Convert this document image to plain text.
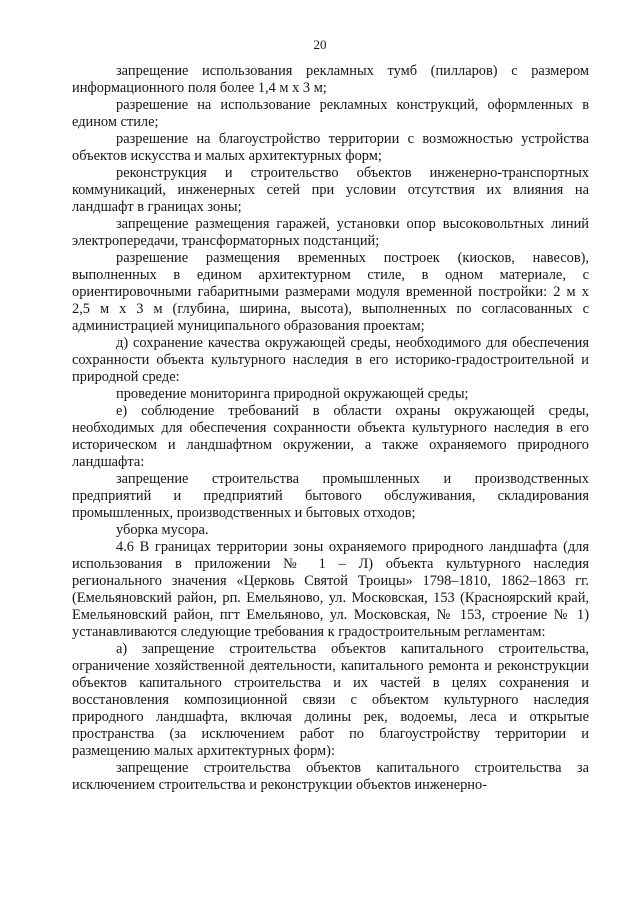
20

запрещение использования рекламных тумб (пилларов) с размером информационного поля более 1,4 м х 3 м;

разрешение на использование рекламных конструкций, оформленных в едином стиле;

разрешение на благоустройство территории с возможностью устройства объектов искусства и малых архитектурных форм;

реконструкция и строительство объектов инженерно-транспортных коммуникаций, инженерных сетей при условии отсутствия их влияния на ландшафт в границах зоны;

запрещение размещения гаражей, установки опор высоковольтных линий электропередачи, трансформаторных подстанций;

разрешение размещения временных построек (киосков, навесов), выполненных в едином архитектурном стиле, в одном материале, с ориентировочными габаритными размерами модуля временной постройки: 2 м х 2,5 м х 3 м (глубина, ширина, высота), выполненных по согласованных с администрацией муниципального образования проектам;

д) сохранение качества окружающей среды, необходимого для обеспечения сохранности объекта культурного наследия в его историко-градостроительной и природной среде:

проведение мониторинга природной окружающей среды;

е) соблюдение требований в области охраны окружающей среды, необходимых для обеспечения сохранности объекта культурного наследия в его историческом и ландшафтном окружении, а также охраняемого природного ландшафта:

запрещение строительства промышленных и производственных предприятий и предприятий бытового обслуживания, складирования промышленных, производственных и бытовых отходов;

уборка мусора.

4.6 В границах территории зоны охраняемого природного ландшафта (для использования в приложении № 1 – Л) объекта культурного наследия регионального значения «Церковь Святой Троицы» 1798–1810, 1862–1863 гг. (Емельяновский район, рп. Емельяново, ул. Московская, 153 (Красноярский край, Емельяновский район, пгт Емельяново, ул. Московская, № 153, строение № 1) устанавливаются следующие требования к градостроительным регламентам:

а) запрещение строительства объектов капитального строительства, ограничение хозяйственной деятельности, капитального ремонта и реконструкции объектов капитального строительства и их частей в целях сохранения и восстановления композиционной связи с объектом культурного наследия природного ландшафта, включая долины рек, водоемы, леса и открытые пространства (за исключением работ по благоустройству территории и размещению малых архитектурных форм):

запрещение строительства объектов капитального строительства за исключением строительства и реконструкции объектов инженерно-
